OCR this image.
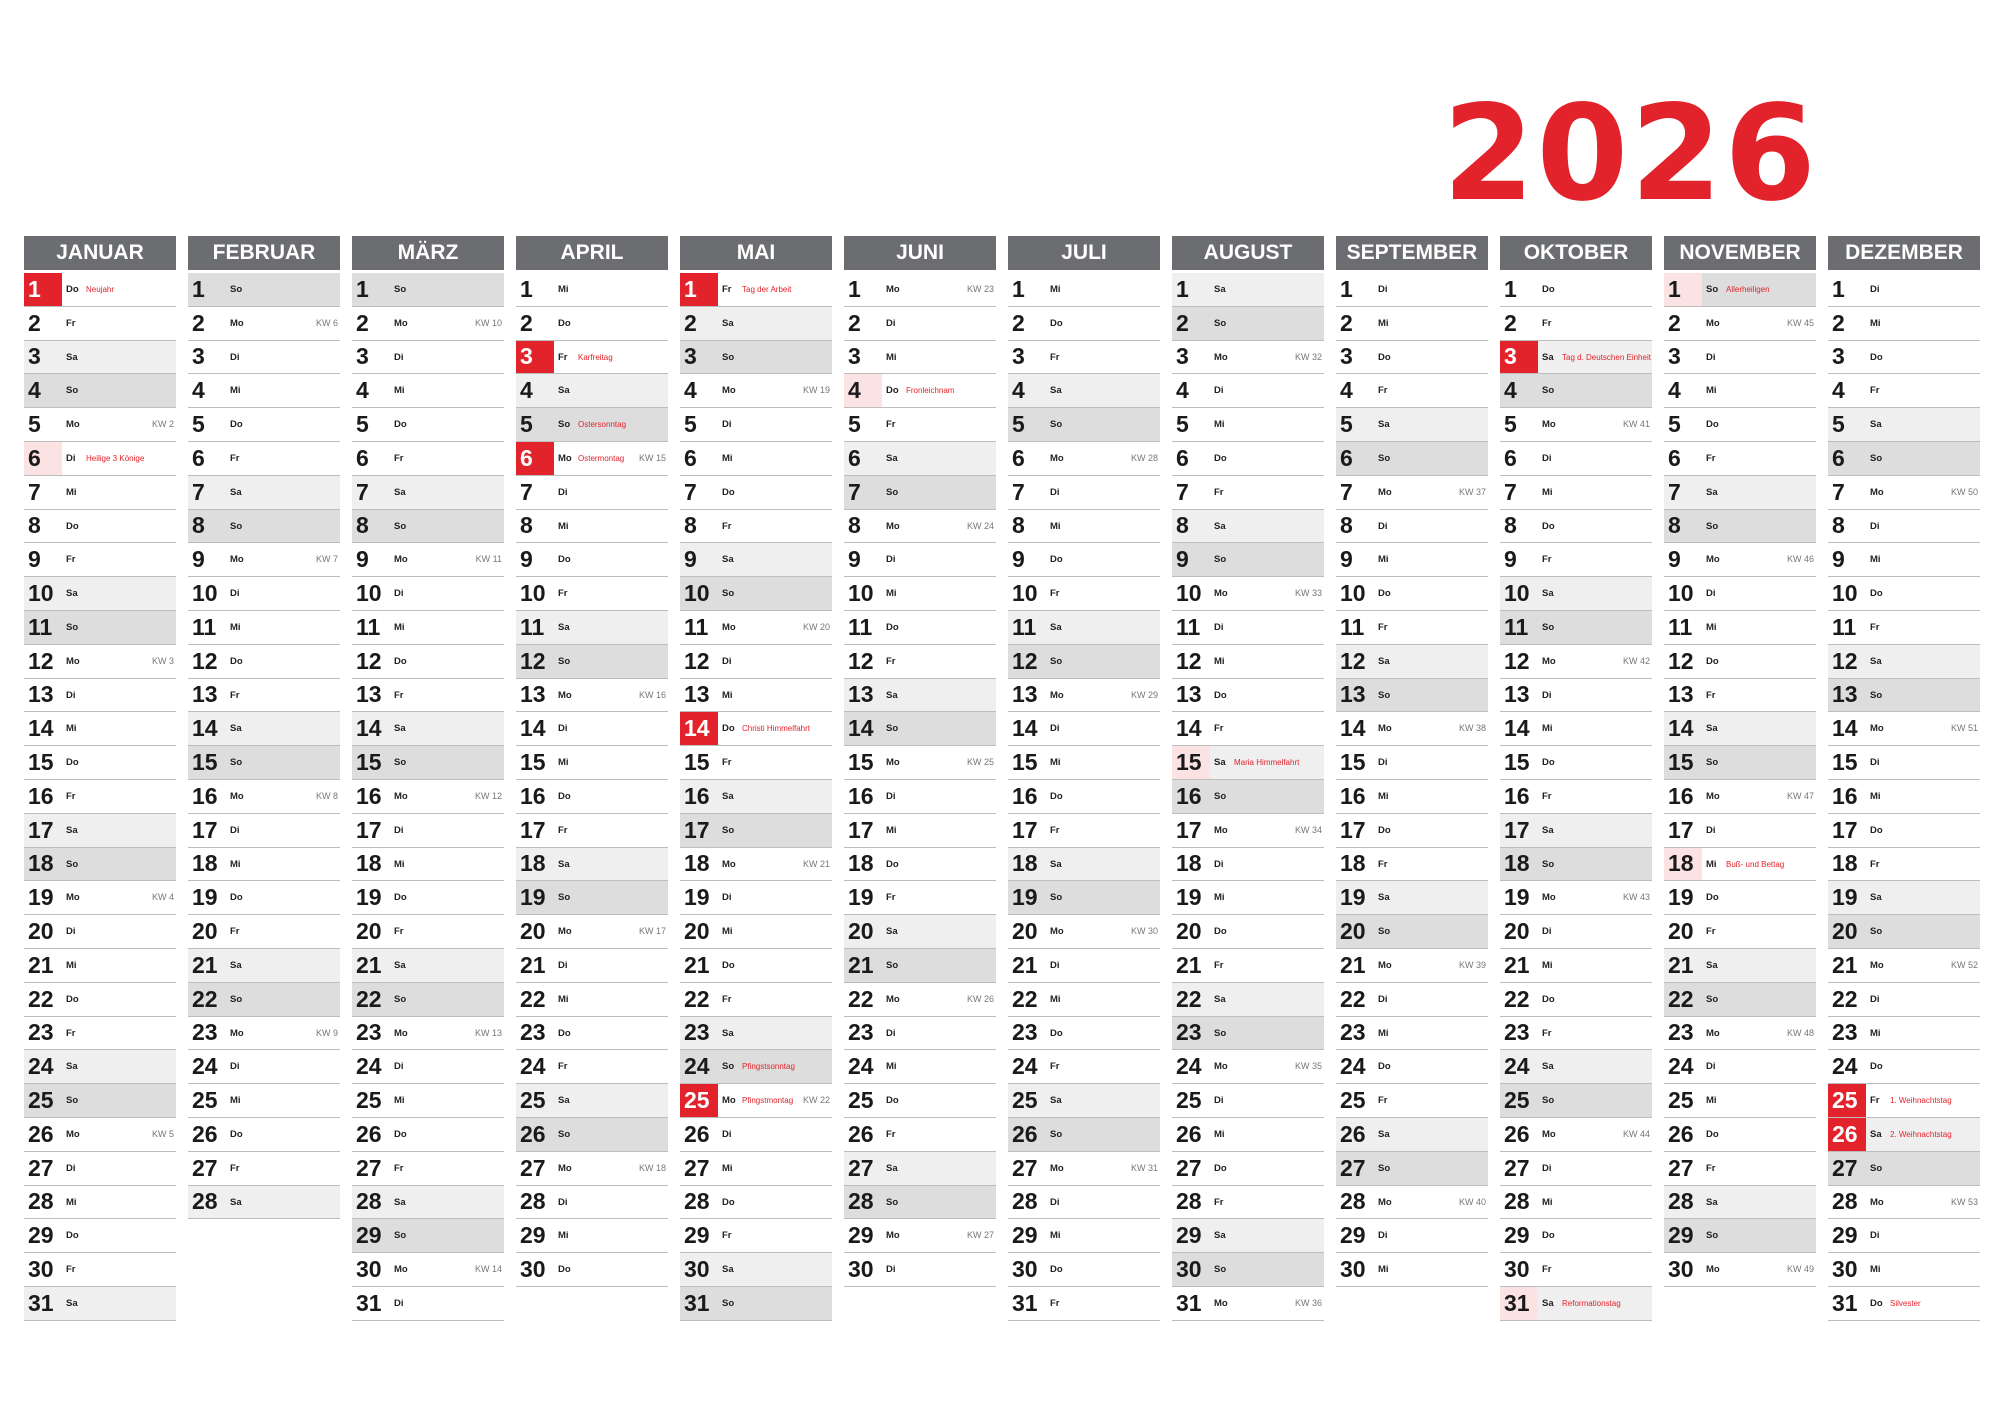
2026
JANUAR
1	Do Neujahr
2	Fr
3	Sa
4	So
5	Mo	KW 2
6	Di Heilige 3 Könige
7	Mi
8	Do
9	Fr
10	Sa
11	So
12	Mo	KW 3
13	Di
14	Mi
15	Do
16	Fr
17	Sa
18	So
19	Mo	KW 4
20	Di
21	Mi
22	Do
23	Fr
24	Sa
25	So
26	Mo	KW 5
27	Di
28	Mi
29	Do
30	Fr
31	Sa
FEBRUAR
1	So
2	Mo	KW 6
3	Di
4	Mi
5	Do
6	Fr
7	Sa
8	So
9	Mo	KW 7
10	Di
11	Mi
12	Do
13	Fr
14	Sa
15	So
16	Mo	KW 8
17	Di
18	Mi
19	Do
20	Fr
21	Sa
22	So
23	Mo	KW 9
24	Di
25	Mi
26	Do
27	Fr
28	Sa
MÄRZ
1	So
2	Mo	KW 10
3	Di
4	Mi
5	Do
6	Fr
7	Sa
8	So
9	Mo	KW 11
10	Di
11	Mi
12	Do
13	Fr
14	Sa
15	So
16	Mo	KW 12
17	Di
18	Mi
19	Do
20	Fr
21	Sa
22	So
23	Mo	KW 13
24	Di
25	Mi
26	Do
27	Fr
28	Sa
29	So
30	Mo	KW 14
31	Di
APRIL
1	Mi
2	Do
3	Fr Karfreitag
4	Sa
5	So Ostersonntag
6	Mo Ostermontag KW 15
7	Di
8	Mi
9	Do
10	Fr
11	Sa
12	So
13	Mo	KW 16
14	Di
15	Mi
16	Do
17	Fr
18	Sa
19	So
20	Mo	KW 17
21	Di
22	Mi
23	Do
24	Fr
25	Sa
26	So
27	Mo	KW 18
28	Di
29	Mi
30	Do
MAI
1	Fr Tag der Arbeit
2	Sa
3	So
4	Mo	KW 19
5	Di
6	Mi
7	Do
8	Fr
9	Sa
10	So
11	Mo	KW 20
12	Di
13	Mi
14	Do Christi Himmelfahrt
15	Fr
16	Sa
17	So
18	Mo	KW 21
19	Di
20	Mi
21	Do
22	Fr
23	Sa
24	So Pfingstsonntag
25	Mo Pfingstmontag KW 22
26	Di
27	Mi
28	Do
29	Fr
30	Sa
31	So
JUNI
1	Mo	KW 23
2	Di
3	Mi
4	Do Fronleichnam
5	Fr
6	Sa
7	So
8	Mo	KW 24
9	Di
10	Mi
11	Do
12	Fr
13	Sa
14	So
15	Mo	KW 25
16	Di
17	Mi
18	Do
19	Fr
20	Sa
21	So
22	Mo	KW 26
23	Di
24	Mi
25	Do
26	Fr
27	Sa
28	So
29	Mo	KW 27
30	Di
JULI
1	Mi
2	Do
3	Fr
4	Sa
5	So
6	Mo	KW 28
7	Di
8	Mi
9	Do
10	Fr
11	Sa
12	So
13	Mo	KW 29
14	Di
15	Mi
16	Do
17	Fr
18	Sa
19	So
20	Mo	KW 30
21	Di
22	Mi
23	Do
24	Fr
25	Sa
26	So
27	Mo	KW 31
28	Di
29	Mi
30	Do
31	Fr
AUGUST
1	Sa
2	So
3	Mo	KW 32
4	Di
5	Mi
6	Do
7	Fr
8	Sa
9	So
10	Mo	KW 33
11	Di
12	Mi
13	Do
14	Fr
15	Sa Maria Himmelfahrt
16	So
17	Mo	KW 34
18	Di
19	Mi
20	Do
21	Fr
22	Sa
23	So
24	Mo	KW 35
25	Di
26	Mi
27	Do
28	Fr
29	Sa
30	So
31	Mo	KW 36
SEPTEMBER
1	Di
2	Mi
3	Do
4	Fr
5	Sa
6	So
7	Mo	KW 37
8	Di
9	Mi
10	Do
11	Fr
12	Sa
13	So
14	Mo	KW 38
15	Di
16	Mi
17	Do
18	Fr
19	Sa
20	So
21	Mo	KW 39
22	Di
23	Mi
24	Do
25	Fr
26	Sa
27	So
28	Mo	KW 40
29	Di
30	Mi
OKTOBER
1	Do
2	Fr
3	Sa Tag d. Deutschen Einheit
4	So
5	Mo	KW 41
6	Di
7	Mi
8	Do
9	Fr
10	Sa
11	So
12	Mo	KW 42
13	Di
14	Mi
15	Do
16	Fr
17	Sa
18	So
19	Mo	KW 43
20	Di
21	Mi
22	Do
23	Fr
24	Sa
25	So
26	Mo	KW 44
27	Di
28	Mi
29	Do
30	Fr
31	Sa Reformationstag
NOVEMBER
1	So Allerheiligen
2	Mo	KW 45
3	Di
4	Mi
5	Do
6	Fr
7	Sa
8	So
9	Mo	KW 46
10	Di
11	Mi
12	Do
13	Fr
14	Sa
15	So
16	Mo	KW 47
17	Di
18	Mi Buß- und Bettag
19	Do
20	Fr
21	Sa
22	So
23	Mo	KW 48
24	Di
25	Mi
26	Do
27	Fr
28	Sa
29	So
30	Mo	KW 49
DEZEMBER
1	Di
2	Mi
3	Do
4	Fr
5	Sa
6	So
7	Mo	KW 50
8	Di
9	Mi
10	Do
11	Fr
12	Sa
13	So
14	Mo	KW 51
15	Di
16	Mi
17	Do
18	Fr
19	Sa
20	So
21	Mo	KW 52
22	Di
23	Mi
24	Do
25	Fr 1. Weihnachtstag
26	Sa 2. Weihnachtstag
27	So
28	Mo	KW 53
29	Di
30	Mi
31	Do Silvester
